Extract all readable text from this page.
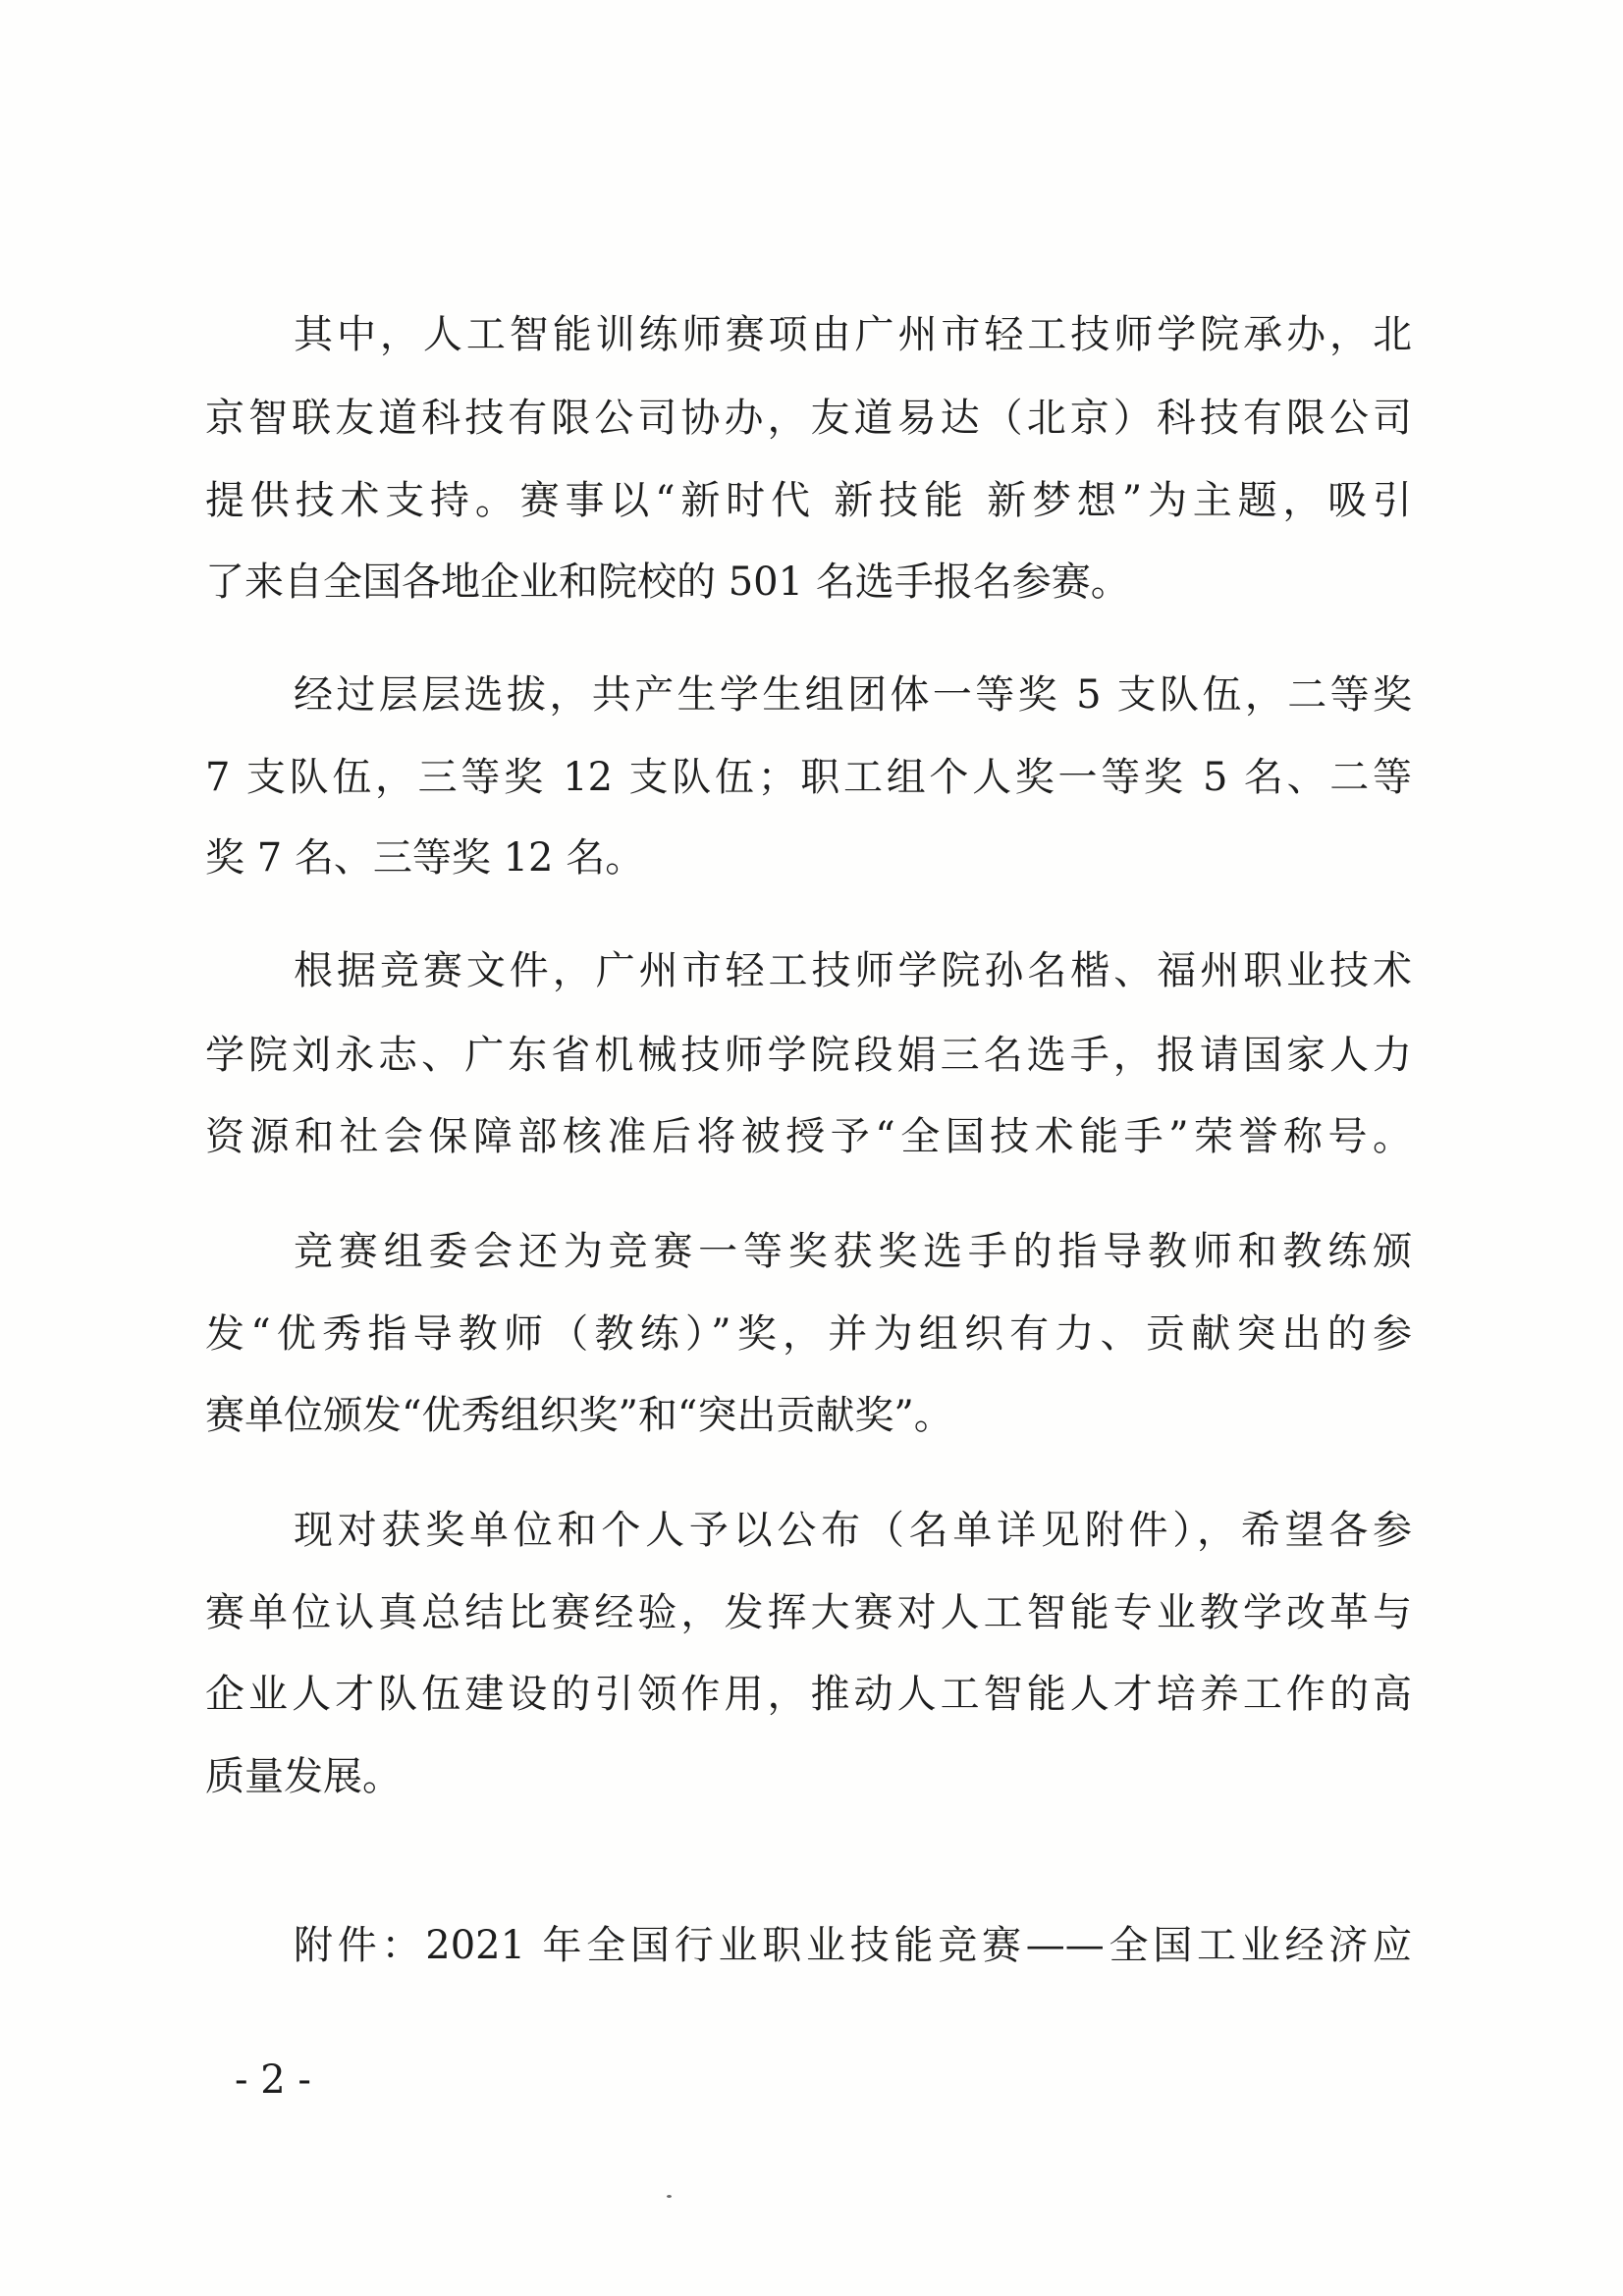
其中，人工智能训练师赛项由广州市轻工技师学院承办，北
京智联友道科技有限公司协办，友道易达（北京）科技有限公司
提供技术支持。赛事以“新时代 新技能 新梦想”为主题，吸引
了来自全国各地企业和院校的 501 名选手报名参赛。
经过层层选拔，共产生学生组团体一等奖 5 支队伍，二等奖
7 支队伍，三等奖 12 支队伍；职工组个人奖一等奖 5 名、二等
奖 7 名、三等奖 12 名。
根据竞赛文件，广州市轻工技师学院孙名楷、福州职业技术
学院刘永志、广东省机械技师学院段娟三名选手，报请国家人力
资源和社会保障部核准后将被授予“全国技术能手”荣誉称号。
竞赛组委会还为竞赛一等奖获奖选手的指导教师和教练颁
发“优秀指导教师（教练）”奖，并为组织有力、贡献突出的参
赛单位颁发“优秀组织奖”和“突出贡献奖”。
现对获奖单位和个人予以公布（名单详见附件），希望各参
赛单位认真总结比赛经验，发挥大赛对人工智能专业教学改革与
企业人才队伍建设的引领作用，推动人工智能人才培养工作的高
质量发展。
附件：2021 年全国行业职业技能竞赛——全国工业经济应
- 2 -
